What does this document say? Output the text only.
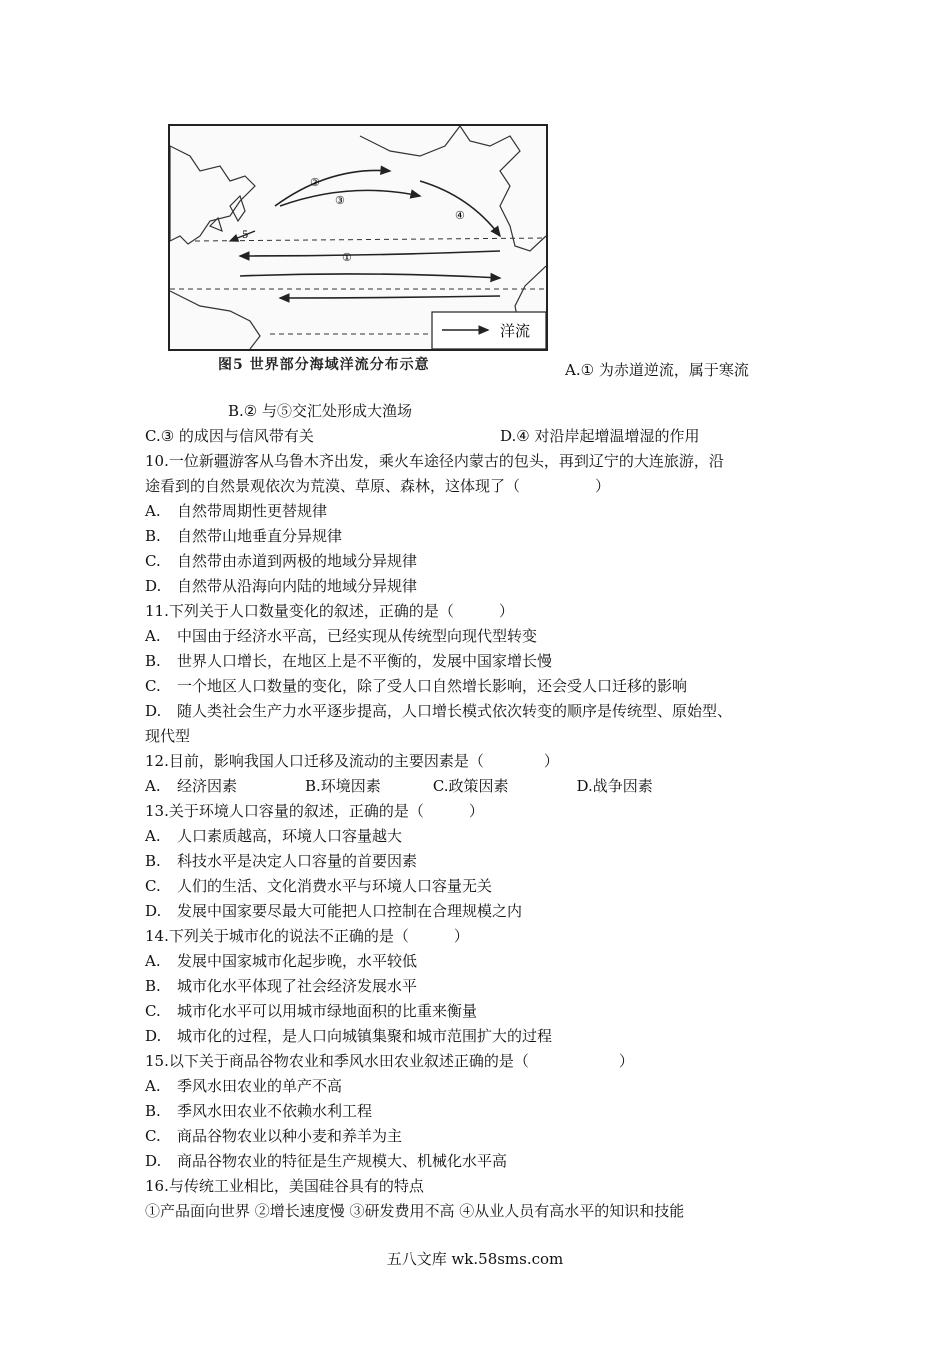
②
③
④
①
5
洋流
图5 世界部分海域洋流分布示意	A.① 为赤道逆流，属于寒流
B.② 与⑤交汇处形成大渔场
C.③ 的成因与信风带有关	D.④ 对沿岸起增温增湿的作用
10.一位新疆游客从乌鲁木齐出发，乘火车途径内蒙古的包头，再到辽宁的大连旅游，沿
途看到的自然景观依次为荒漠、草原、森林，这体现了（　　　　　）
A. 自然带周期性更替规律
B. 自然带山地垂直分异规律
C. 自然带由赤道到两极的地域分异规律
D. 自然带从沿海向内陆的地域分异规律
11.下列关于人口数量变化的叙述，正确的是（　　　）
A. 中国由于经济水平高，已经实现从传统型向现代型转变
B. 世界人口增长，在地区上是不平衡的，发展中国家增长慢
C. 一个地区人口数量的变化，除了受人口自然增长影响，还会受人口迁移的影响
D. 随人类社会生产力水平逐步提高，人口增长模式依次转变的顺序是传统型、原始型、
现代型
12.目前，影响我国人口迁移及流动的主要因素是（　　　　）
A. 经济因素	B.环境因素	C.政策因素	D.战争因素
13.关于环境人口容量的叙述，正确的是（　　　）
A. 人口素质越高，环境人口容量越大
B. 科技水平是决定人口容量的首要因素
C. 人们的生活、文化消费水平与环境人口容量无关
D. 发展中国家要尽最大可能把人口控制在合理规模之内
14.下列关于城市化的说法不正确的是（　　　）
A. 发展中国家城市化起步晚，水平较低
B. 城市化水平体现了社会经济发展水平
C. 城市化水平可以用城市绿地面积的比重来衡量
D. 城市化的过程，是人口向城镇集聚和城市范围扩大的过程
15.以下关于商品谷物农业和季风水田农业叙述正确的是（　　　　　　）
A. 季风水田农业的单产不高
B. 季风水田农业不依赖水利工程
C. 商品谷物农业以种小麦和养羊为主
D. 商品谷物农业的特征是生产规模大、机械化水平高
16.与传统工业相比，美国硅谷具有的特点
①产品面向世界 ②增长速度慢 ③研发费用不高 ④从业人员有高水平的知识和技能
五八文库 wk.58sms.com
